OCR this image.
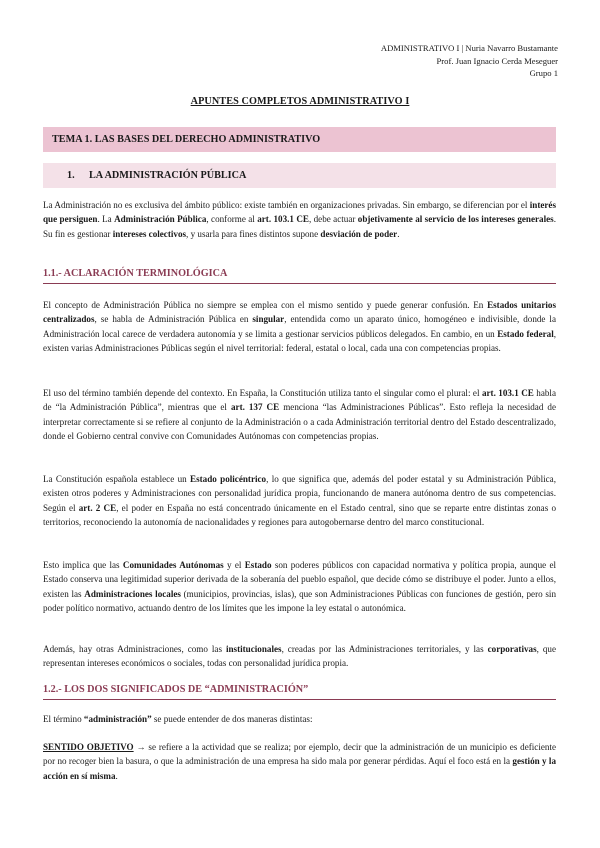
ADMINISTRATIVO I | Nuria Navarro Bustamante
Prof. Juan Ignacio Cerda Meseguer
Grupo 1
APUNTES COMPLETOS ADMINISTRATIVO I
TEMA 1. LAS BASES DEL DERECHO ADMINISTRATIVO
1. LA ADMINISTRACIÓN PÚBLICA

La Administración no es exclusiva del ámbito público: existe también en organizaciones privadas. Sin embargo, se diferencian por el interés que persiguen. La Administración Pública, conforme al art. 103.1 CE, debe actuar objetivamente al servicio de los intereses generales. Su fin es gestionar intereses colectivos, y usarla para fines distintos supone desviación de poder.

1.1.- ACLARACIÓN TERMINOLÓGICA

El concepto de Administración Pública no siempre se emplea con el mismo sentido y puede generar confusión. En Estados unitarios centralizados, se habla de Administración Pública en singular, entendida como un aparato único, homogéneo e indivisible, donde la Administración local carece de verdadera autonomía y se limita a gestionar servicios públicos delegados. En cambio, en un Estado federal, existen varias Administraciones Públicas según el nivel territorial: federal, estatal o local, cada una con competencias propias.

El uso del término también depende del contexto. En España, la Constitución utiliza tanto el singular como el plural: el art. 103.1 CE habla de “la Administración Pública”, mientras que el art. 137 CE menciona “las Administraciones Públicas”. Esto refleja la necesidad de interpretar correctamente si se refiere al conjunto de la Administración o a cada Administración territorial dentro del Estado descentralizado, donde el Gobierno central convive con Comunidades Autónomas con competencias propias.

La Constitución española establece un Estado policéntrico, lo que significa que, además del poder estatal y su Administración Pública, existen otros poderes y Administraciones con personalidad jurídica propia, funcionando de manera autónoma dentro de sus competencias. Según el art. 2 CE, el poder en España no está concentrado únicamente en el Estado central, sino que se reparte entre distintas zonas o territorios, reconociendo la autonomía de nacionalidades y regiones para autogobernarse dentro del marco constitucional.

Esto implica que las Comunidades Autónomas y el Estado son poderes públicos con capacidad normativa y política propia, aunque el Estado conserva una legitimidad superior derivada de la soberanía del pueblo español, que decide cómo se distribuye el poder. Junto a ellos, existen las Administraciones locales (municipios, provincias, islas), que son Administraciones Públicas con funciones de gestión, pero sin poder político normativo, actuando dentro de los límites que les impone la ley estatal o autonómica.

Además, hay otras Administraciones, como las institucionales, creadas por las Administraciones territoriales, y las corporativas, que representan intereses económicos o sociales, todas con personalidad jurídica propia.

1.2.- LOS DOS SIGNIFICADOS DE “ADMINISTRACIÓN”

El término “administración” se puede entender de dos maneras distintas:

SENTIDO OBJETIVO → se refiere a la actividad que se realiza; por ejemplo, decir que la administración de un municipio es deficiente por no recoger bien la basura, o que la administración de una empresa ha sido mala por generar pérdidas. Aquí el foco está en la gestión y la acción en sí misma.
